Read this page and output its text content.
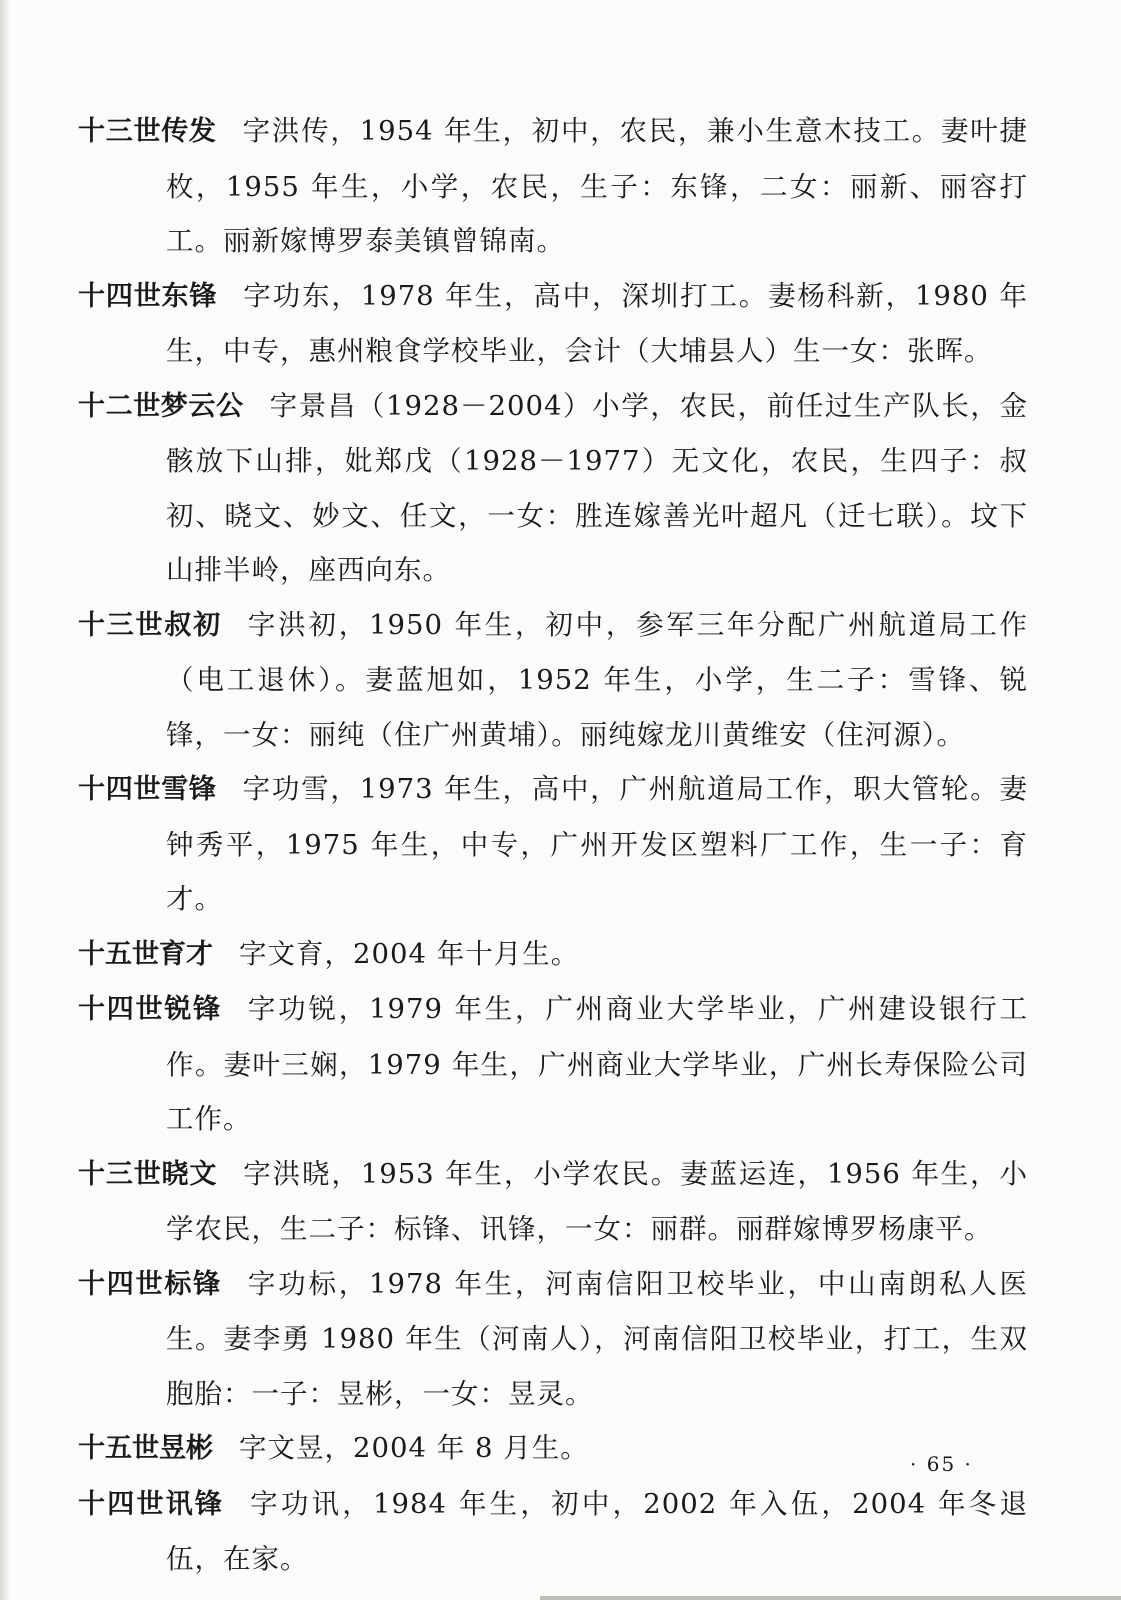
十三世传发 字洪传，1954 年生，初中，农民，兼小生意木技工。妻叶捷枚，1955 年生，小学，农民，生子：东锋，二女：丽新、丽容打工。丽新嫁博罗泰美镇曾锦南。

十四世东锋 字功东，1978 年生，高中，深圳打工。妻杨科新，1980 年生，中专，惠州粮食学校毕业，会计（大埔县人）生一女：张晖。

十二世梦云公 字景昌（1928－2004）小学，农民，前任过生产队长，金骸放下山排，妣郑戊（1928－1977）无文化，农民，生四子：叔初、晓文、妙文、任文，一女：胜连嫁善光叶超凡（迁七联）。坟下山排半岭，座西向东。

十三世叔初 字洪初，1950 年生，初中，参军三年分配广州航道局工作（电工退休）。妻蓝旭如，1952 年生，小学，生二子：雪锋、锐锋，一女：丽纯（住广州黄埔）。丽纯嫁龙川黄维安（住河源）。

十四世雪锋 字功雪，1973 年生，高中，广州航道局工作，职大管轮。妻钟秀平，1975 年生，中专，广州开发区塑料厂工作，生一子：育才。

十五世育才 字文育，2004 年十月生。

十四世锐锋 字功锐，1979 年生，广州商业大学毕业，广州建设银行工作。妻叶三娴，1979 年生，广州商业大学毕业，广州长寿保险公司工作。

十三世晓文 字洪晓，1953 年生，小学农民。妻蓝运连，1956 年生，小学农民，生二子：标锋、讯锋，一女：丽群。丽群嫁博罗杨康平。

十四世标锋 字功标，1978 年生，河南信阳卫校毕业，中山南朗私人医生。妻李勇 1980 年生（河南人），河南信阳卫校毕业，打工，生双胞胎：一子：昱彬，一女：昱灵。

十五世昱彬 字文昱，2004 年 8 月生。

十四世讯锋 字功讯，1984 年生，初中，2002 年入伍，2004 年冬退伍，在家。

· 65 ·
